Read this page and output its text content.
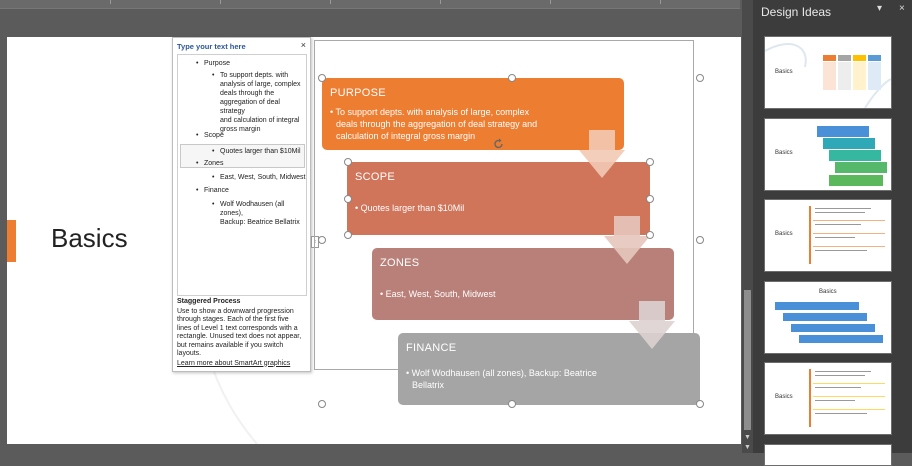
Basics
Type your text here	×
• Purpose
• To support depts. with
analysis of large, complex
deals through the
aggregation of deal strategy
and calculation of integral
gross margin
• Scope
• Quotes larger than $10Mil
• Zones
• East, West, South, Midwest
• Finance
• Wolf Wodhausen (all zones),
Backup: Beatrice Bellatrix
Staggered Process
Use to show a downward progression
through stages. Each of the first five
lines of Level 1 text corresponds with a
rectangle. Unused text does not appear,
but remains available if you switch
layouts.
Learn more about SmartArt graphics
‹
PURPOSE
• To support depts. with analysis of large, complex
deals through the aggregation of deal strategy and
calculation of integral gross margin
SCOPE
• Quotes larger than $10Mil
ZONES
• East, West, South, Midwest
FINANCE
• Wolf Wodhausen (all zones), Backup: Beatrice
Bellatrix
▼
▼
Design Ideas	▾ ×
Basics
Basics
Basics
Basics
Basics
